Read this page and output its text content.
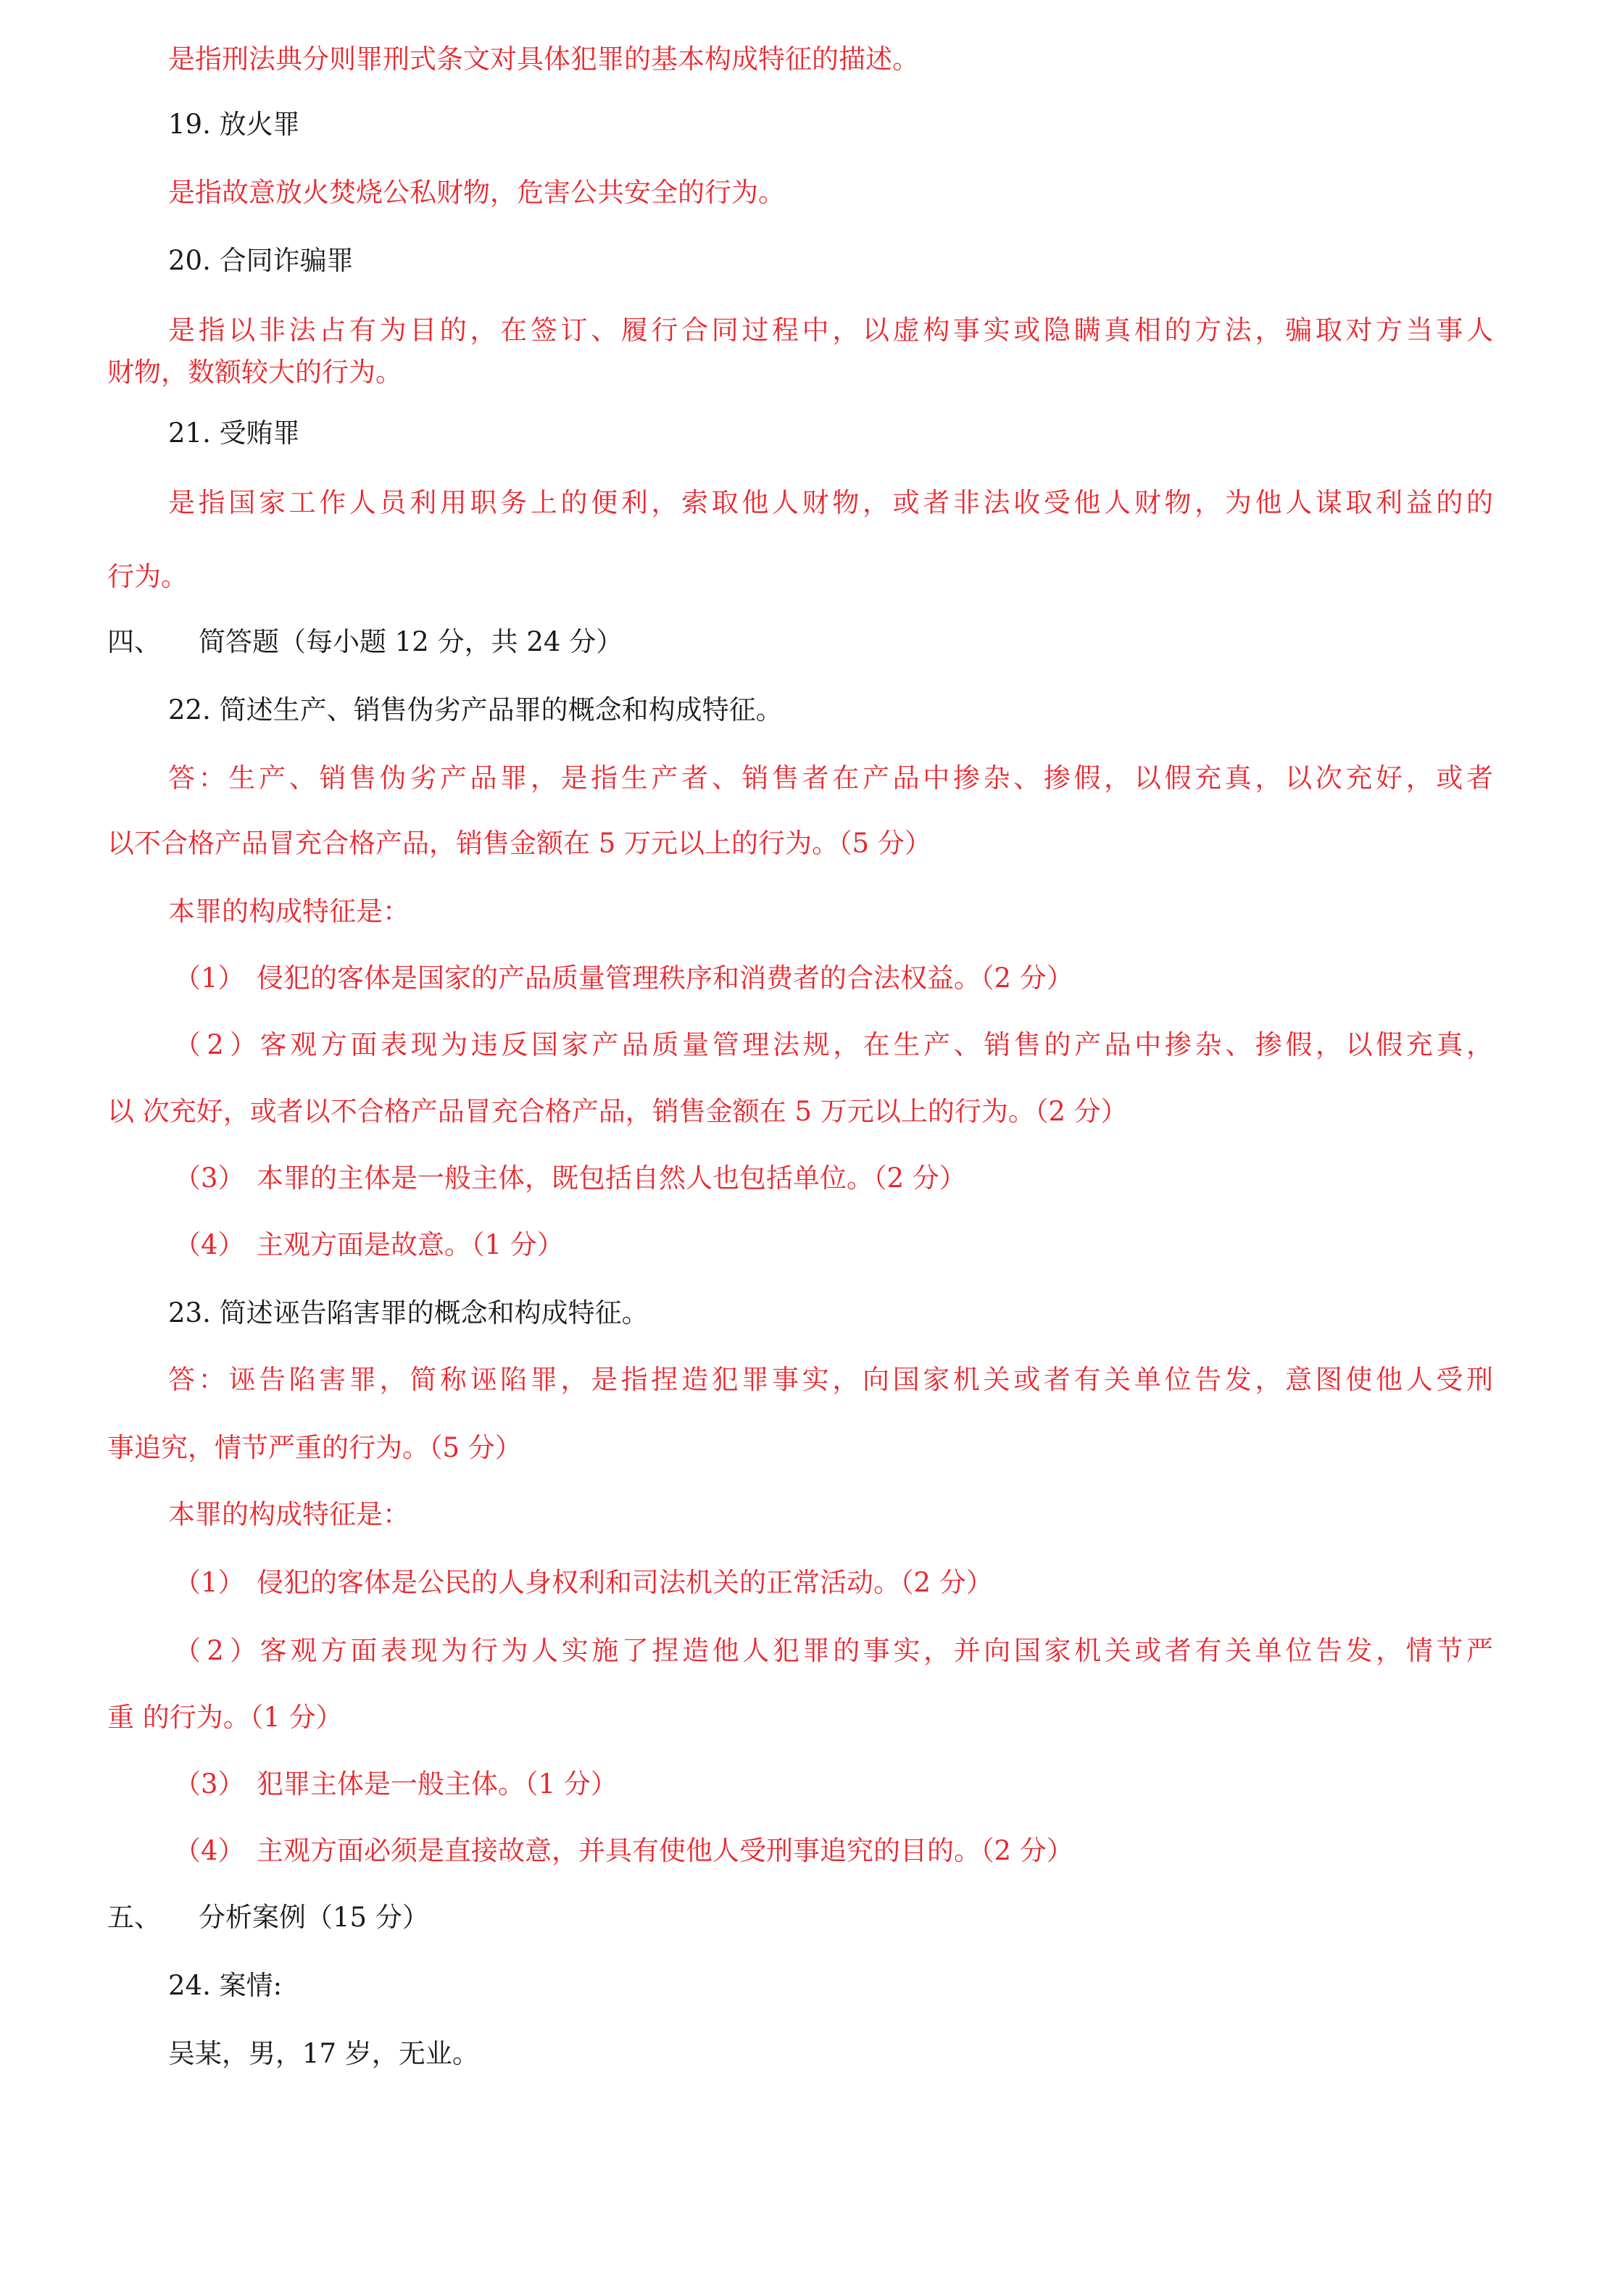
是指刑法典分则罪刑式条文对具体犯罪的基本构成特征的描述。
19. 放火罪
是指故意放火焚烧公私财物，危害公共安全的行为。
20. 合同诈骗罪
是指以非法占有为目的，在签订、履行合同过程中，以虚构事实或隐瞒真相的方法，骗取对方当事人
财物，数额较大的行为。
21. 受贿罪
是指国家工作人员利用职务上的便利，索取他人财物，或者非法收受他人财物，为他人谋取利益的的
行为。
四、 简答题（每小题 12 分，共 24 分）
22. 简述生产、销售伪劣产品罪的概念和构成特征。
答：生产、销售伪劣产品罪，是指生产者、销售者在产品中掺杂、掺假，以假充真，以次充好，或者
以不合格产品冒充合格产品，销售金额在 5 万元以上的行为。（5 分）
本罪的构成特征是：
（1） 侵犯的客体是国家的产品质量管理秩序和消费者的合法权益。（2 分）
（2）客观方面表现为违反国家产品质量管理法规，在生产、销售的产品中掺杂、掺假，以假充真，
以 次充好，或者以不合格产品冒充合格产品，销售金额在 5 万元以上的行为。（2 分）
（3） 本罪的主体是一般主体，既包括自然人也包括单位。（2 分）
（4） 主观方面是故意。（1 分）
23. 简述诬告陷害罪的概念和构成特征。
答：诬告陷害罪，简称诬陷罪，是指捏造犯罪事实，向国家机关或者有关单位告发，意图使他人受刑
事追究，情节严重的行为。（5 分）
本罪的构成特征是：
（1） 侵犯的客体是公民的人身权利和司法机关的正常活动。（2 分）
（2）客观方面表现为行为人实施了捏造他人犯罪的事实，并向国家机关或者有关单位告发，情节严
重 的行为。（1 分）
（3） 犯罪主体是一般主体。（1 分）
（4） 主观方面必须是直接故意，并具有使他人受刑事追究的目的。（2 分）
五、 分析案例（15 分）
24. 案情:
吴某，男，17 岁，无业。
